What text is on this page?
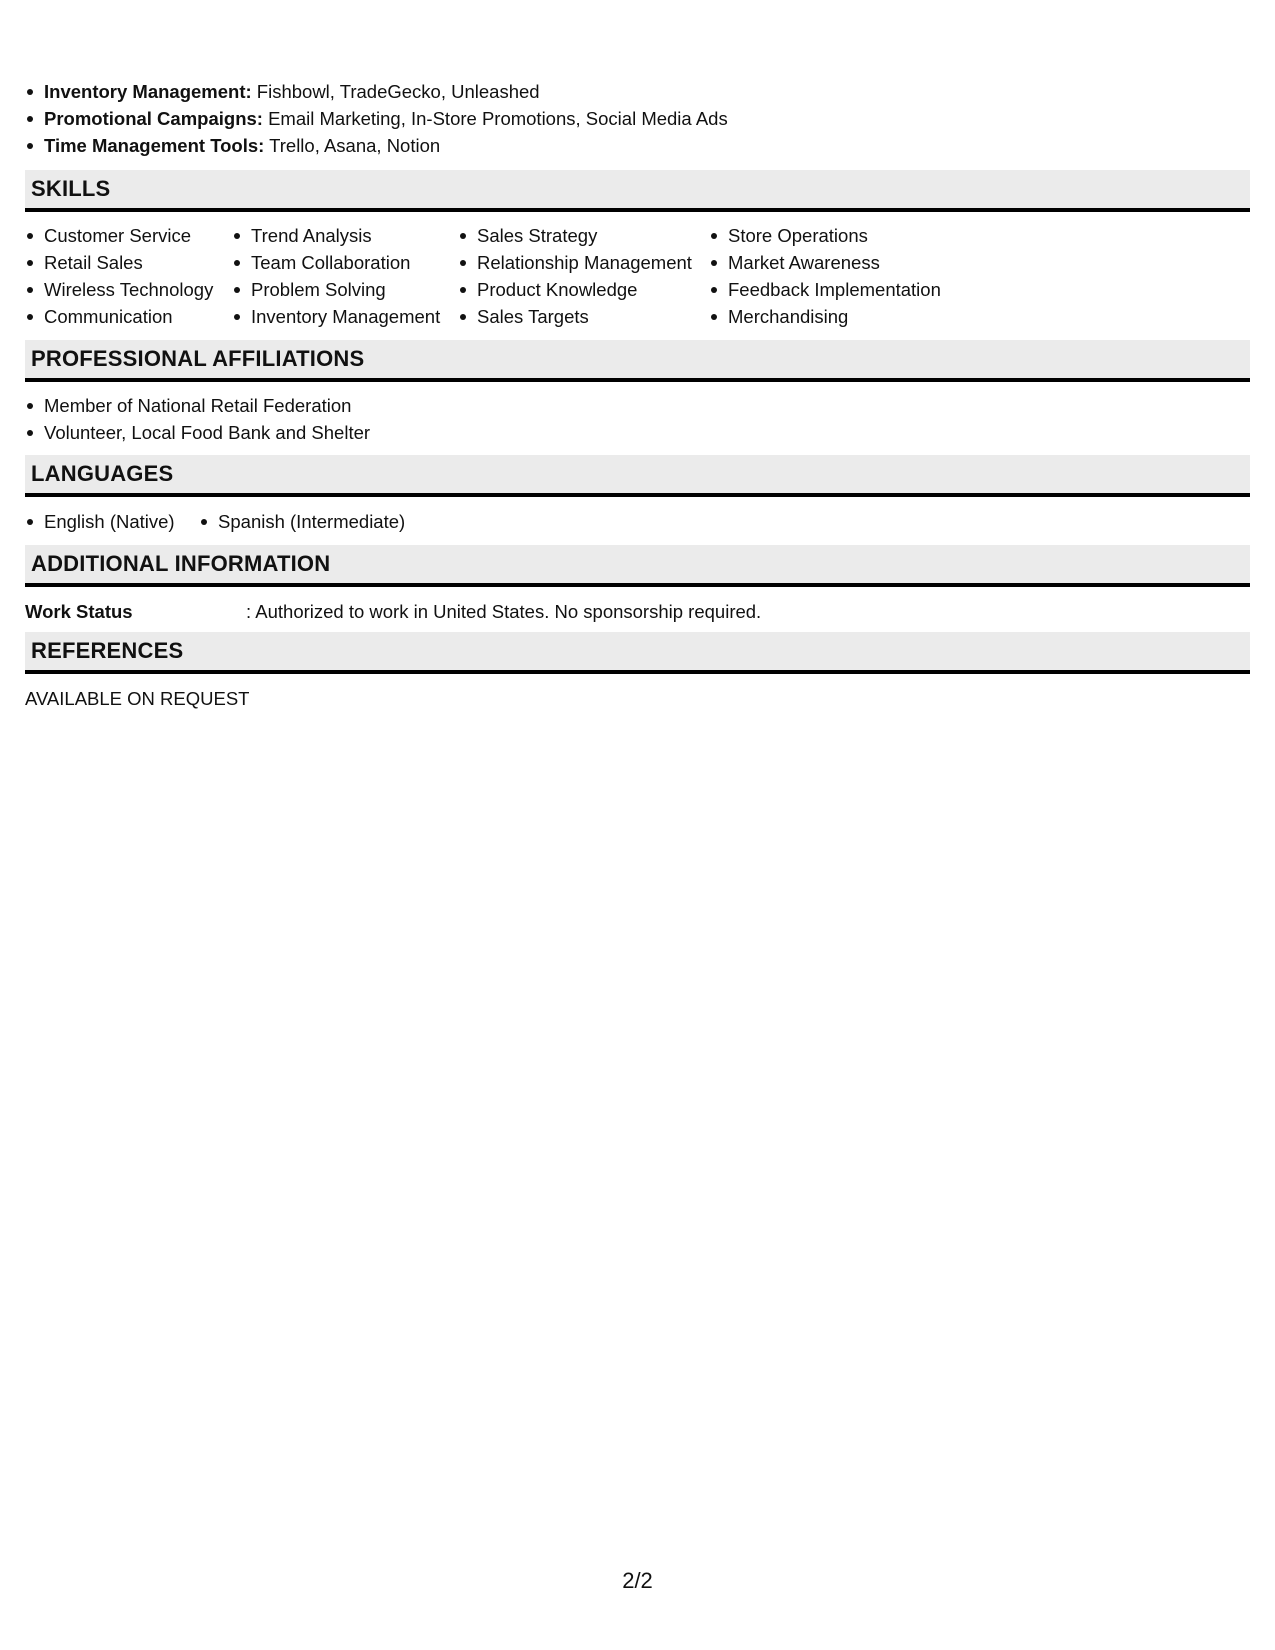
Inventory Management: Fishbowl, TradeGecko, Unleashed
Promotional Campaigns: Email Marketing, In-Store Promotions, Social Media Ads
Time Management Tools: Trello, Asana, Notion
SKILLS
Customer Service
Retail Sales
Wireless Technology
Communication
Trend Analysis
Team Collaboration
Problem Solving
Inventory Management
Sales Strategy
Relationship Management
Product Knowledge
Sales Targets
Store Operations
Market Awareness
Feedback Implementation
Merchandising
PROFESSIONAL AFFILIATIONS
Member of National Retail Federation
Volunteer, Local Food Bank and Shelter
LANGUAGES
English (Native) Spanish (Intermediate)
ADDITIONAL INFORMATION
Work Status	: Authorized to work in United States. No sponsorship required.
REFERENCES
AVAILABLE ON REQUEST
2/2
